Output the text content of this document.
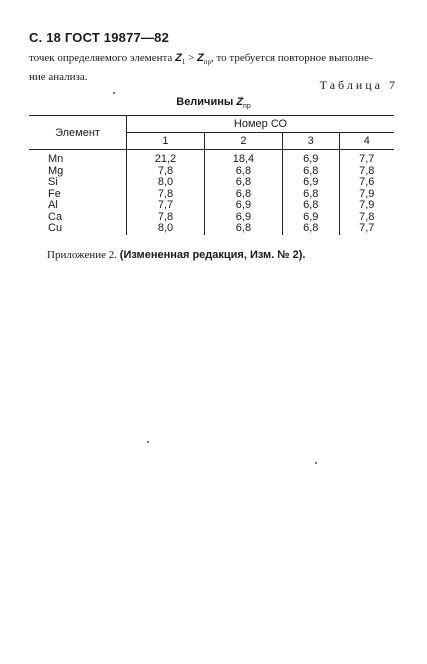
С. 18 ГОСТ 19877—82
точек определяемого элемента $Z_1 > Z_{пр}$, то требуется повторное выполне-
ние анализа.
Таблица 7
Величины $Z_{пр}$
Элемент	Номер СО			
	1	2	3	4
Mn	21,2	18,4	6,9	7,7
Mg	7,8	6,8	6,8	7,8
Si	8,0	6,8	6,9	7,6
Fe	7,8	6,8	6,8	7,9
Al	7,7	6,9	6,8	7,9
Ca	7,8	6,9	6,9	7,8
Cu	8,0	6,8	6,8	7,7
Приложение 2. (Измененная редакция, Изм. № 2).
